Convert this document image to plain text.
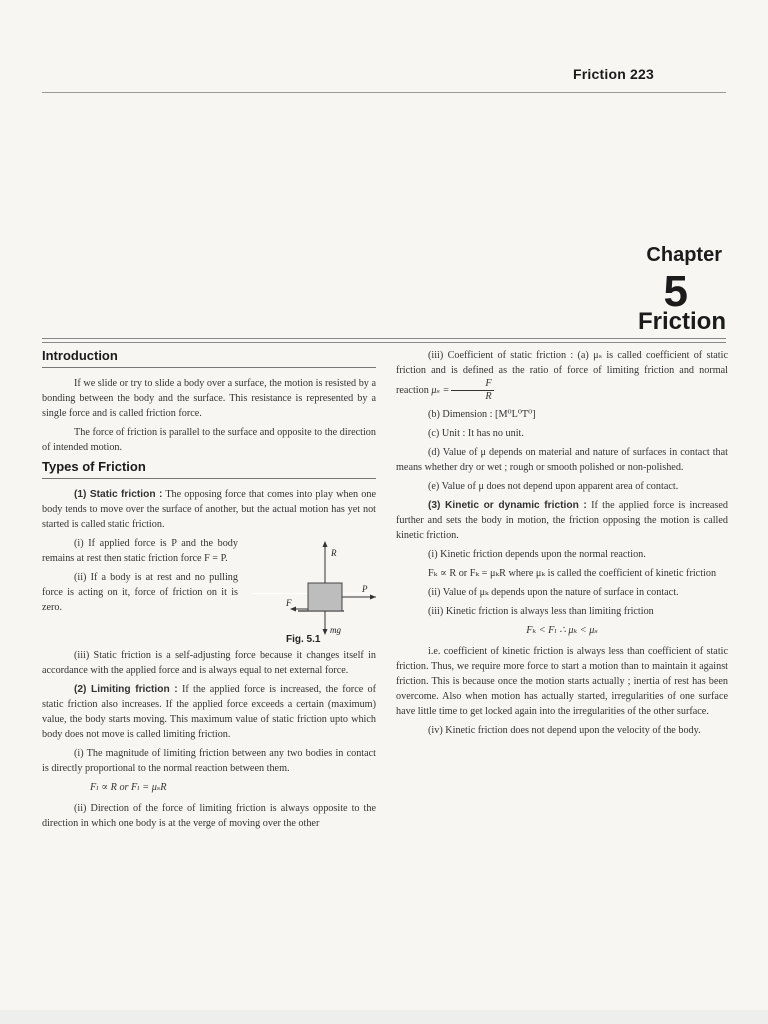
Friction 223
Chapter
5
Friction
Introduction

If we slide or try to slide a body over a surface, the motion is resisted by a bonding between the body and the surface. This resistance is represented by a single force and is called friction force.

The force of friction is parallel to the surface and opposite to the direction of intended motion.

Types of Friction

(1) Static friction : The opposing force that comes into play when one body tends to move over the surface of another, but the actual motion has yet not started is called static friction.

(i) If applied force is P and the body remains at rest then static friction force F = P.

(ii) If a body is at rest and no pulling force is acting on it, force of friction on it is zero.

R
P
F
mg
Fig. 5.1

(iii) Static friction is a self-adjusting force because it changes itself in accordance with the applied force and is always equal to net external force.

(2) Limiting friction : If the applied force is increased, the force of static friction also increases. If the applied force exceeds a certain (maximum) value, the body starts moving. This maximum value of static friction upto which body does not move is called limiting friction.

(i) The magnitude of limiting friction between any two bodies in contact is directly proportional to the normal reaction between them.

Fₗ ∝ R or Fₗ = μₛR

(ii) Direction of the force of limiting friction is always opposite to the direction in which one body is at the verge of moving over the other

(iii) Coefficient of static friction : (a) μₛ is called coefficient of static friction and is defined as the ratio of force of limiting friction and normal reaction $\mu_s = \frac{F}{R}$

(b) Dimension : [M⁰L⁰T⁰]

(c) Unit : It has no unit.

(d) Value of μ depends on material and nature of surfaces in contact that means whether dry or wet ; rough or smooth polished or non-polished.

(e) Value of μ does not depend upon apparent area of contact.

(3) Kinetic or dynamic friction : If the applied force is increased further and sets the body in motion, the friction opposing the motion is called kinetic friction.

(i) Kinetic friction depends upon the normal reaction.

Fₖ ∝ R or Fₖ = μₖR where μₖ is called the coefficient of kinetic friction

(ii) Value of μₖ depends upon the nature of surface in contact.

(iii) Kinetic friction is always less than limiting friction

Fₖ < Fₗ ∴ μₖ < μₛ

i.e. coefficient of kinetic friction is always less than coefficient of static friction. Thus, we require more force to start a motion than to maintain it against friction. This is because once the motion starts actually ; inertia of rest has been overcome. Also when motion has actually started, irregularities of one surface have little time to get locked again into the irregularities of the other surface.

(iv) Kinetic friction does not depend upon the velocity of the body.
